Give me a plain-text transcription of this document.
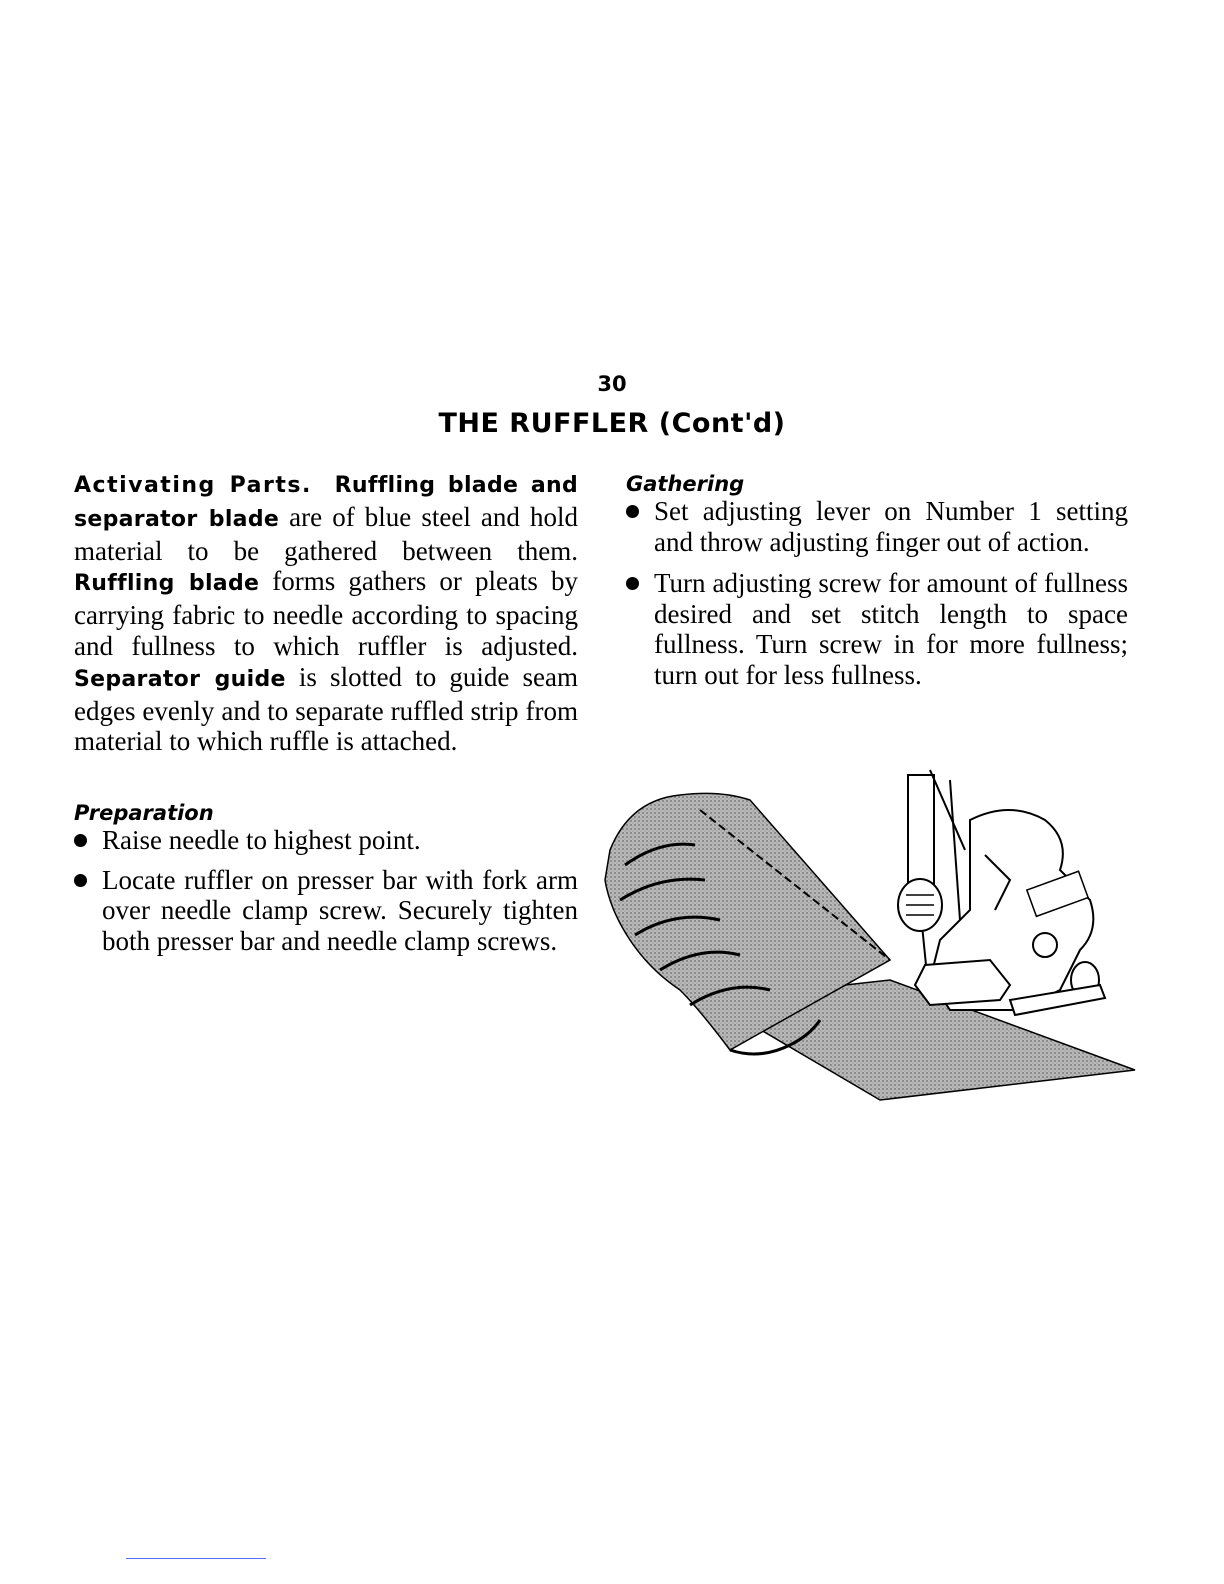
30
THE RUFFLER (Cont'd)

Activating Parts. Ruffling blade and separator blade are of blue steel and hold material to be gathered between them. Ruffling blade forms gathers or pleats by carrying fabric to needle according to spacing and fullness to which ruffler is adjusted. Separator guide is slotted to guide seam edges evenly and to separate ruffled strip from material to which ruffle is attached.

Preparation

Raise needle to highest point.
Locate ruffler on presser bar with fork arm over needle clamp screw. Securely tighten both presser bar and needle clamp screws.

Gathering

Set adjusting lever on Number 1 setting and throw adjusting finger out of action.
Turn adjusting screw for amount of fullness desired and set stitch length to space fullness. Turn screw in for more fullness; turn out for less fullness.
